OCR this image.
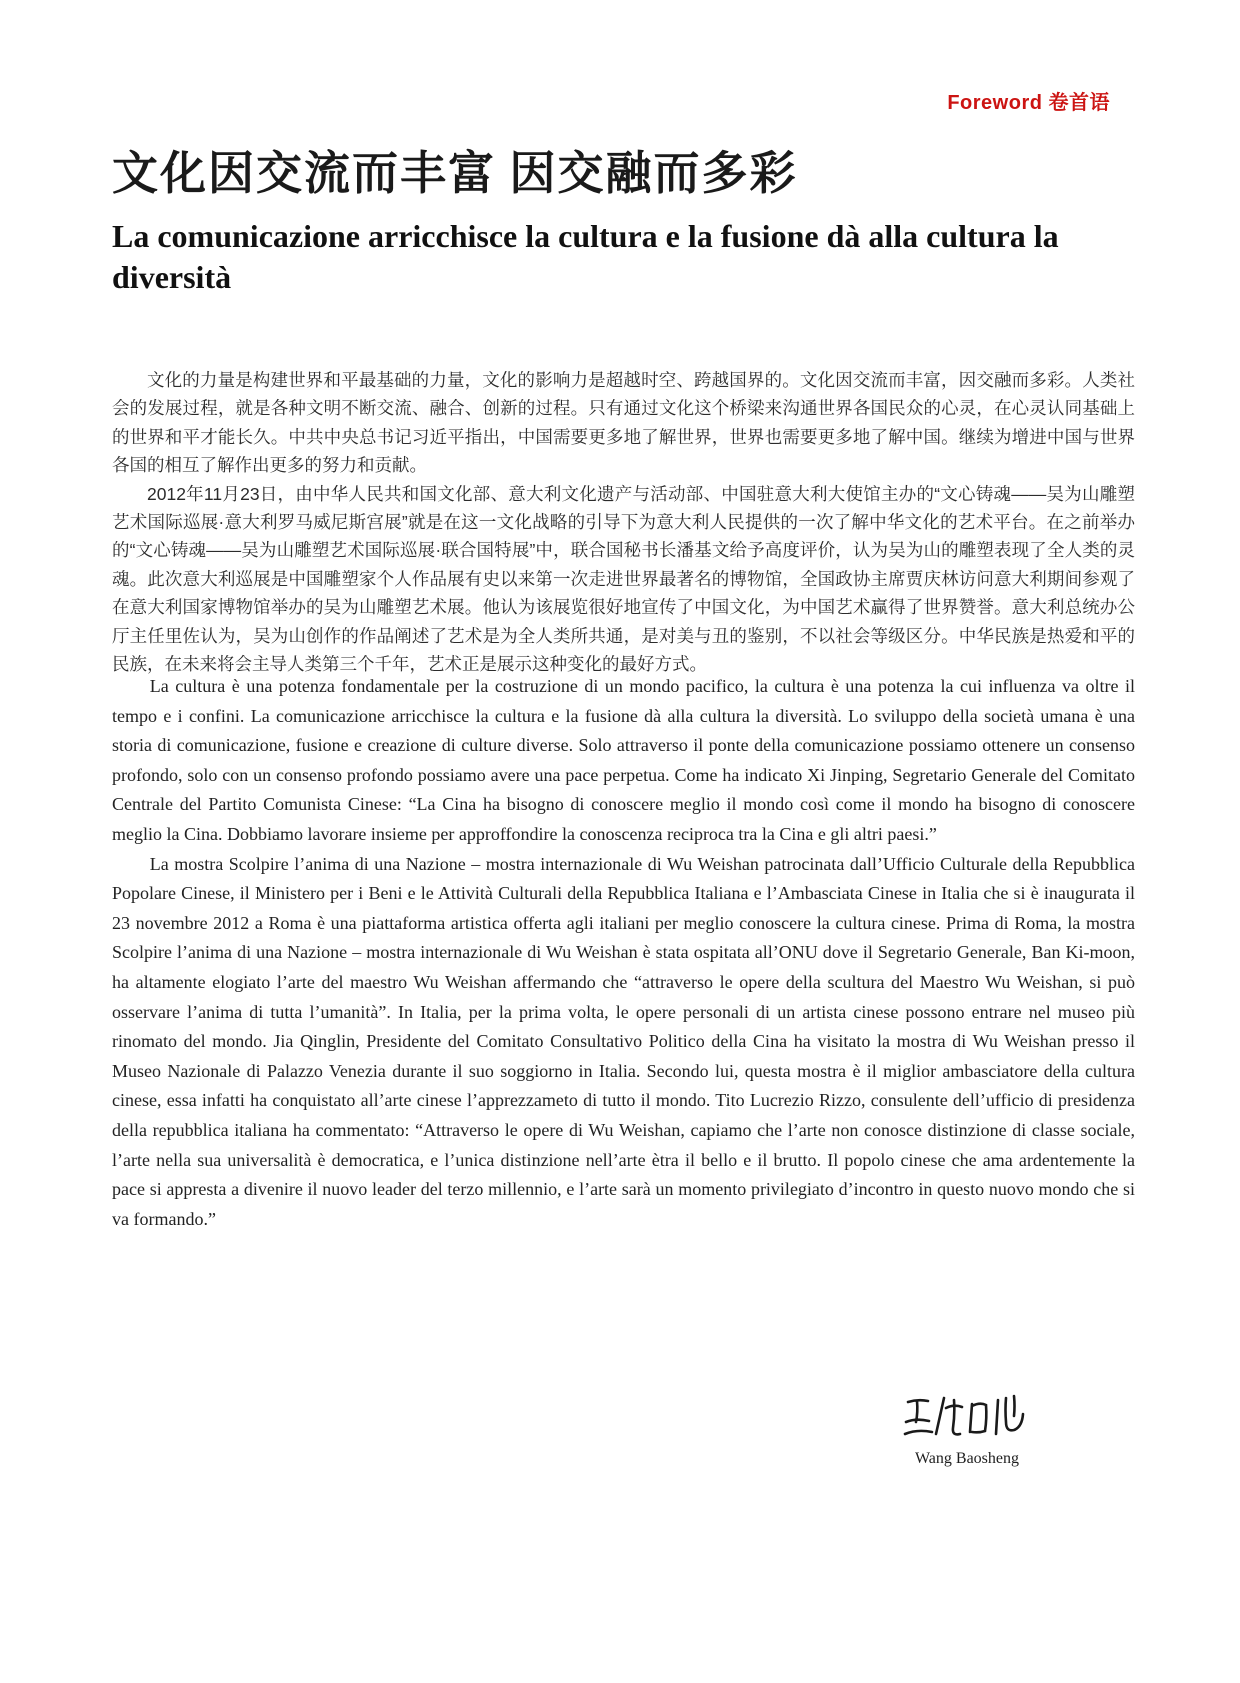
Foreword 卷首语
文化因交流而丰富 因交融而多彩
La comunicazione arricchisce la cultura e la fusione dà alla cultura la diversità

文化的力量是构建世界和平最基础的力量，文化的影响力是超越时空、跨越国界的。文化因交流而丰富，因交融而多彩。人类社会的发展过程，就是各种文明不断交流、融合、创新的过程。只有通过文化这个桥梁来沟通世界各国民众的心灵，在心灵认同基础上的世界和平才能长久。中共中央总书记习近平指出，中国需要更多地了解世界，世界也需要更多地了解中国。继续为增进中国与世界各国的相互了解作出更多的努力和贡献。

2012年11月23日，由中华人民共和国文化部、意大利文化遗产与活动部、中国驻意大利大使馆主办的“文心铸魂——吴为山雕塑艺术国际巡展·意大利罗马威尼斯宫展”就是在这一文化战略的引导下为意大利人民提供的一次了解中华文化的艺术平台。在之前举办的“文心铸魂——吴为山雕塑艺术国际巡展·联合国特展”中，联合国秘书长潘基文给予高度评价，认为吴为山的雕塑表现了全人类的灵魂。此次意大利巡展是中国雕塑家个人作品展有史以来第一次走进世界最著名的博物馆，全国政协主席贾庆林访问意大利期间参观了在意大利国家博物馆举办的吴为山雕塑艺术展。他认为该展览很好地宣传了中国文化，为中国艺术赢得了世界赞誉。意大利总统办公厅主任里佐认为，吴为山创作的作品阐述了艺术是为全人类所共通，是对美与丑的鉴别，不以社会等级区分。中华民族是热爱和平的民族，在未来将会主导人类第三个千年，艺术正是展示这种变化的最好方式。

La cultura è una potenza fondamentale per la costruzione di un mondo pacifico, la cultura è una potenza la cui influenza va oltre il tempo e i confini. La comunicazione arricchisce la cultura e la fusione dà alla cultura la diversità. Lo sviluppo della società umana è una storia di comunicazione, fusione e creazione di culture diverse. Solo attraverso il ponte della comunicazione possiamo ottenere un consenso profondo, solo con un consenso profondo possiamo avere una pace perpetua. Come ha indicato Xi Jinping, Segretario Generale del Comitato Centrale del Partito Comunista Cinese: “La Cina ha bisogno di conoscere meglio il mondo così come il mondo ha bisogno di conoscere meglio la Cina. Dobbiamo lavorare insieme per approffondire la conoscenza reciproca tra la Cina e gli altri paesi.”

La mostra Scolpire l’anima di una Nazione – mostra internazionale di Wu Weishan patrocinata dall’Ufficio Culturale della Repubblica Popolare Cinese, il Ministero per i Beni e le Attività Culturali della Repubblica Italiana e l’Ambasciata Cinese in Italia che si è inaugurata il 23 novembre 2012 a Roma è una piattaforma artistica offerta agli italiani per meglio conoscere la cultura cinese. Prima di Roma, la mostra Scolpire l’anima di una Nazione – mostra internazionale di Wu Weishan è stata ospitata all’ONU dove il Segretario Generale, Ban Ki-moon, ha altamente elogiato l’arte del maestro Wu Weishan affermando che “attraverso le opere della scultura del Maestro Wu Weishan, si può osservare l’anima di tutta l’umanità”. In Italia, per la prima volta, le opere personali di un artista cinese possono entrare nel museo più rinomato del mondo. Jia Qinglin, Presidente del Comitato Consultativo Politico della Cina ha visitato la mostra di Wu Weishan presso il Museo Nazionale di Palazzo Venezia durante il suo soggiorno in Italia. Secondo lui, questa mostra è il miglior ambasciatore della cultura cinese, essa infatti ha conquistato all’arte cinese l’apprezzameto di tutto il mondo. Tito Lucrezio Rizzo, consulente dell’ufficio di presidenza della repubblica italiana ha commentato: “Attraverso le opere di Wu Weishan, capiamo che l’arte non conosce distinzione di classe sociale, l’arte nella sua universalità è democratica, e l’unica distinzione nell’arte ètra il bello e il brutto. Il popolo cinese che ama ardentemente la pace si appresta a divenire il nuovo leader del terzo millennio, e l’arte sarà un momento privilegiato d’incontro in questo nuovo mondo che si va formando.”

Wang Baosheng
